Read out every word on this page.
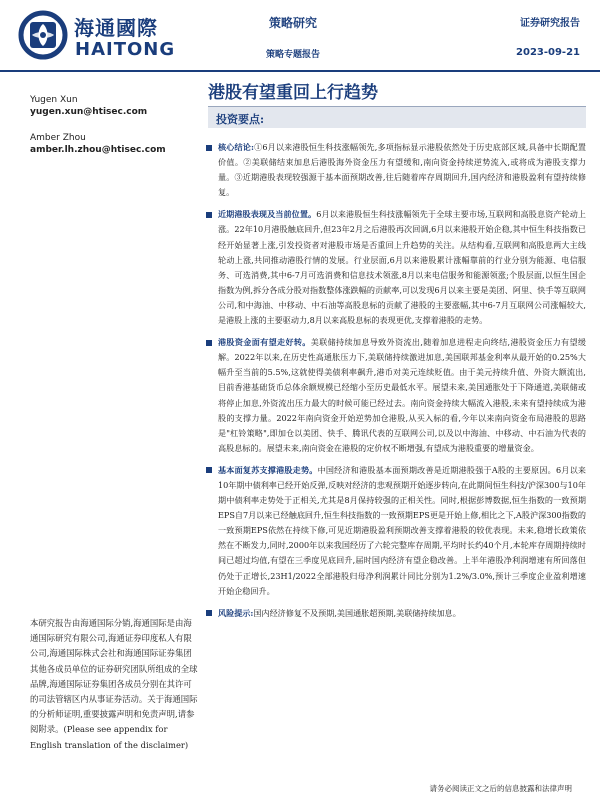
海通國際
HAITONG
策略研究
策略专题报告
证券研究报告
2023-09-21
港股有望重回上行趋势
Yugen Xun
yugen.xun@htisec.com
Amber Zhou
amber.lh.zhou@htisec.com
投资要点:
核心结论:①6月以来港股恒生科技涨幅领先,多项指标显示港股依然处于历史底部区域,具备中长期配置价值。②美联储结束加息后港股海外资金压力有望缓和,南向资金持续逆势流入,或将成为港股支撑力量。③近期港股表现较强源于基本面预期改善,往后随着库存周期回升,国内经济和港股盈利有望持续修复。
近期港股表现及当前位置。6月以来港股恒生科技涨幅领先于全球主要市场,互联网和高股息资产轮动上涨。22年10月港股触底回升,但23年2月之后港股再次回调,6月以来港股开始企稳,其中恒生科技指数已经开始显著上涨,引发投资者对港股市场是否重回上升趋势的关注。从结构看,互联网和高股息两大主线轮动上涨,共同推动港股行情的发展。行业层面,6月以来港股累计涨幅靠前的行业分别为能源、电信服务、可选消费,其中6-7月可选消费和信息技术领涨,8月以来电信服务和能源领涨;个股层面,以恒生国企指数为例,拆分各成分股对指数整体涨跌幅的贡献率,可以发现6月以来主要是美团、阿里、快手等互联网公司,和中海油、中移动、中石油等高股息标的贡献了港股的主要涨幅,其中6-7月互联网公司涨幅较大,是港股上涨的主要驱动力,8月以来高股息标的表现更优,支撑着港股的走势。
港股资金面有望走好转。美联储持续加息导致外资流出,随着加息进程走向终结,港股资金压力有望缓解。2022年以来,在历史性高通胀压力下,美联储持续激进加息,美国联邦基金利率从最开始的0.25%大幅升至当前的5.5%,这就使得美债利率飙升,港币对美元连续贬值。由于美元持续升值、外资大额流出,目前香港基础货币总体余额规模已经缩小至历史最低水平。展望未来,美国通胀处于下降通道,美联储或将停止加息,外资流出压力最大的时候可能已经过去。南向资金持续大幅流入港股,未来有望持续成为港股的支撑力量。2022年南向资金开始逆势加仓港股,从买入标的看,今年以来南向资金布局港股的思路是"杠铃策略",即加仓以美团、快手、腾讯代表的互联网公司,以及以中海油、中移动、中石油为代表的高股息标的。展望未来,南向资金在港股的定价权不断增强,有望成为港股重要的增量资金。
基本面复苏支撑港股走势。中国经济和港股基本面预期改善是近期港股强于A股的主要原因。6月以来10年期中债利率已经开始反弹,反映对经济的悲观预期开始逐步转向,在此期间恒生科技/沪深300与10年期中债利率走势处于正相关,尤其是8月保持较强的正相关性。同时,根据彭博数据,恒生指数的一致预期EPS自7月以来已经触底回升,恒生科技指数的一致预期EPS更是开始上修,相比之下,A股沪深300指数的一致预期EPS依然在持续下修,可见近期港股盈利预期改善支撑着港股的较优表现。未来,稳增长政策依然在不断发力,同时,2000年以来我国经历了六轮完整库存周期,平均时长约40个月,本轮库存周期持续时间已超过均值,有望在三季度见底回升,届时国内经济有望企稳改善。上半年港股净利润增速有所回落但仍处于正增长,23H1/2022全部港股归母净利润累计同比分别为1.2%/3.0%,预计三季度企业盈利增速开始企稳回升。
风险提示:国内经济修复不及预期,美国通胀超预期,美联储持续加息。
本研究报告由海通国际分销,海通国际是由海通国际研究有限公司,海通证券印度私人有限公司,海通国际株式会社和海通国际证券集团其他各成员单位的证券研究团队所组成的全球品牌,海通国际证券集团各成员分别在其许可的司法管辖区内从事证券活动。关于海通国际的分析师证明,重要披露声明和免责声明,请参阅附录。(Please see appendix for English translation of the disclaimer)
请务必阅读正文之后的信息披露和法律声明
